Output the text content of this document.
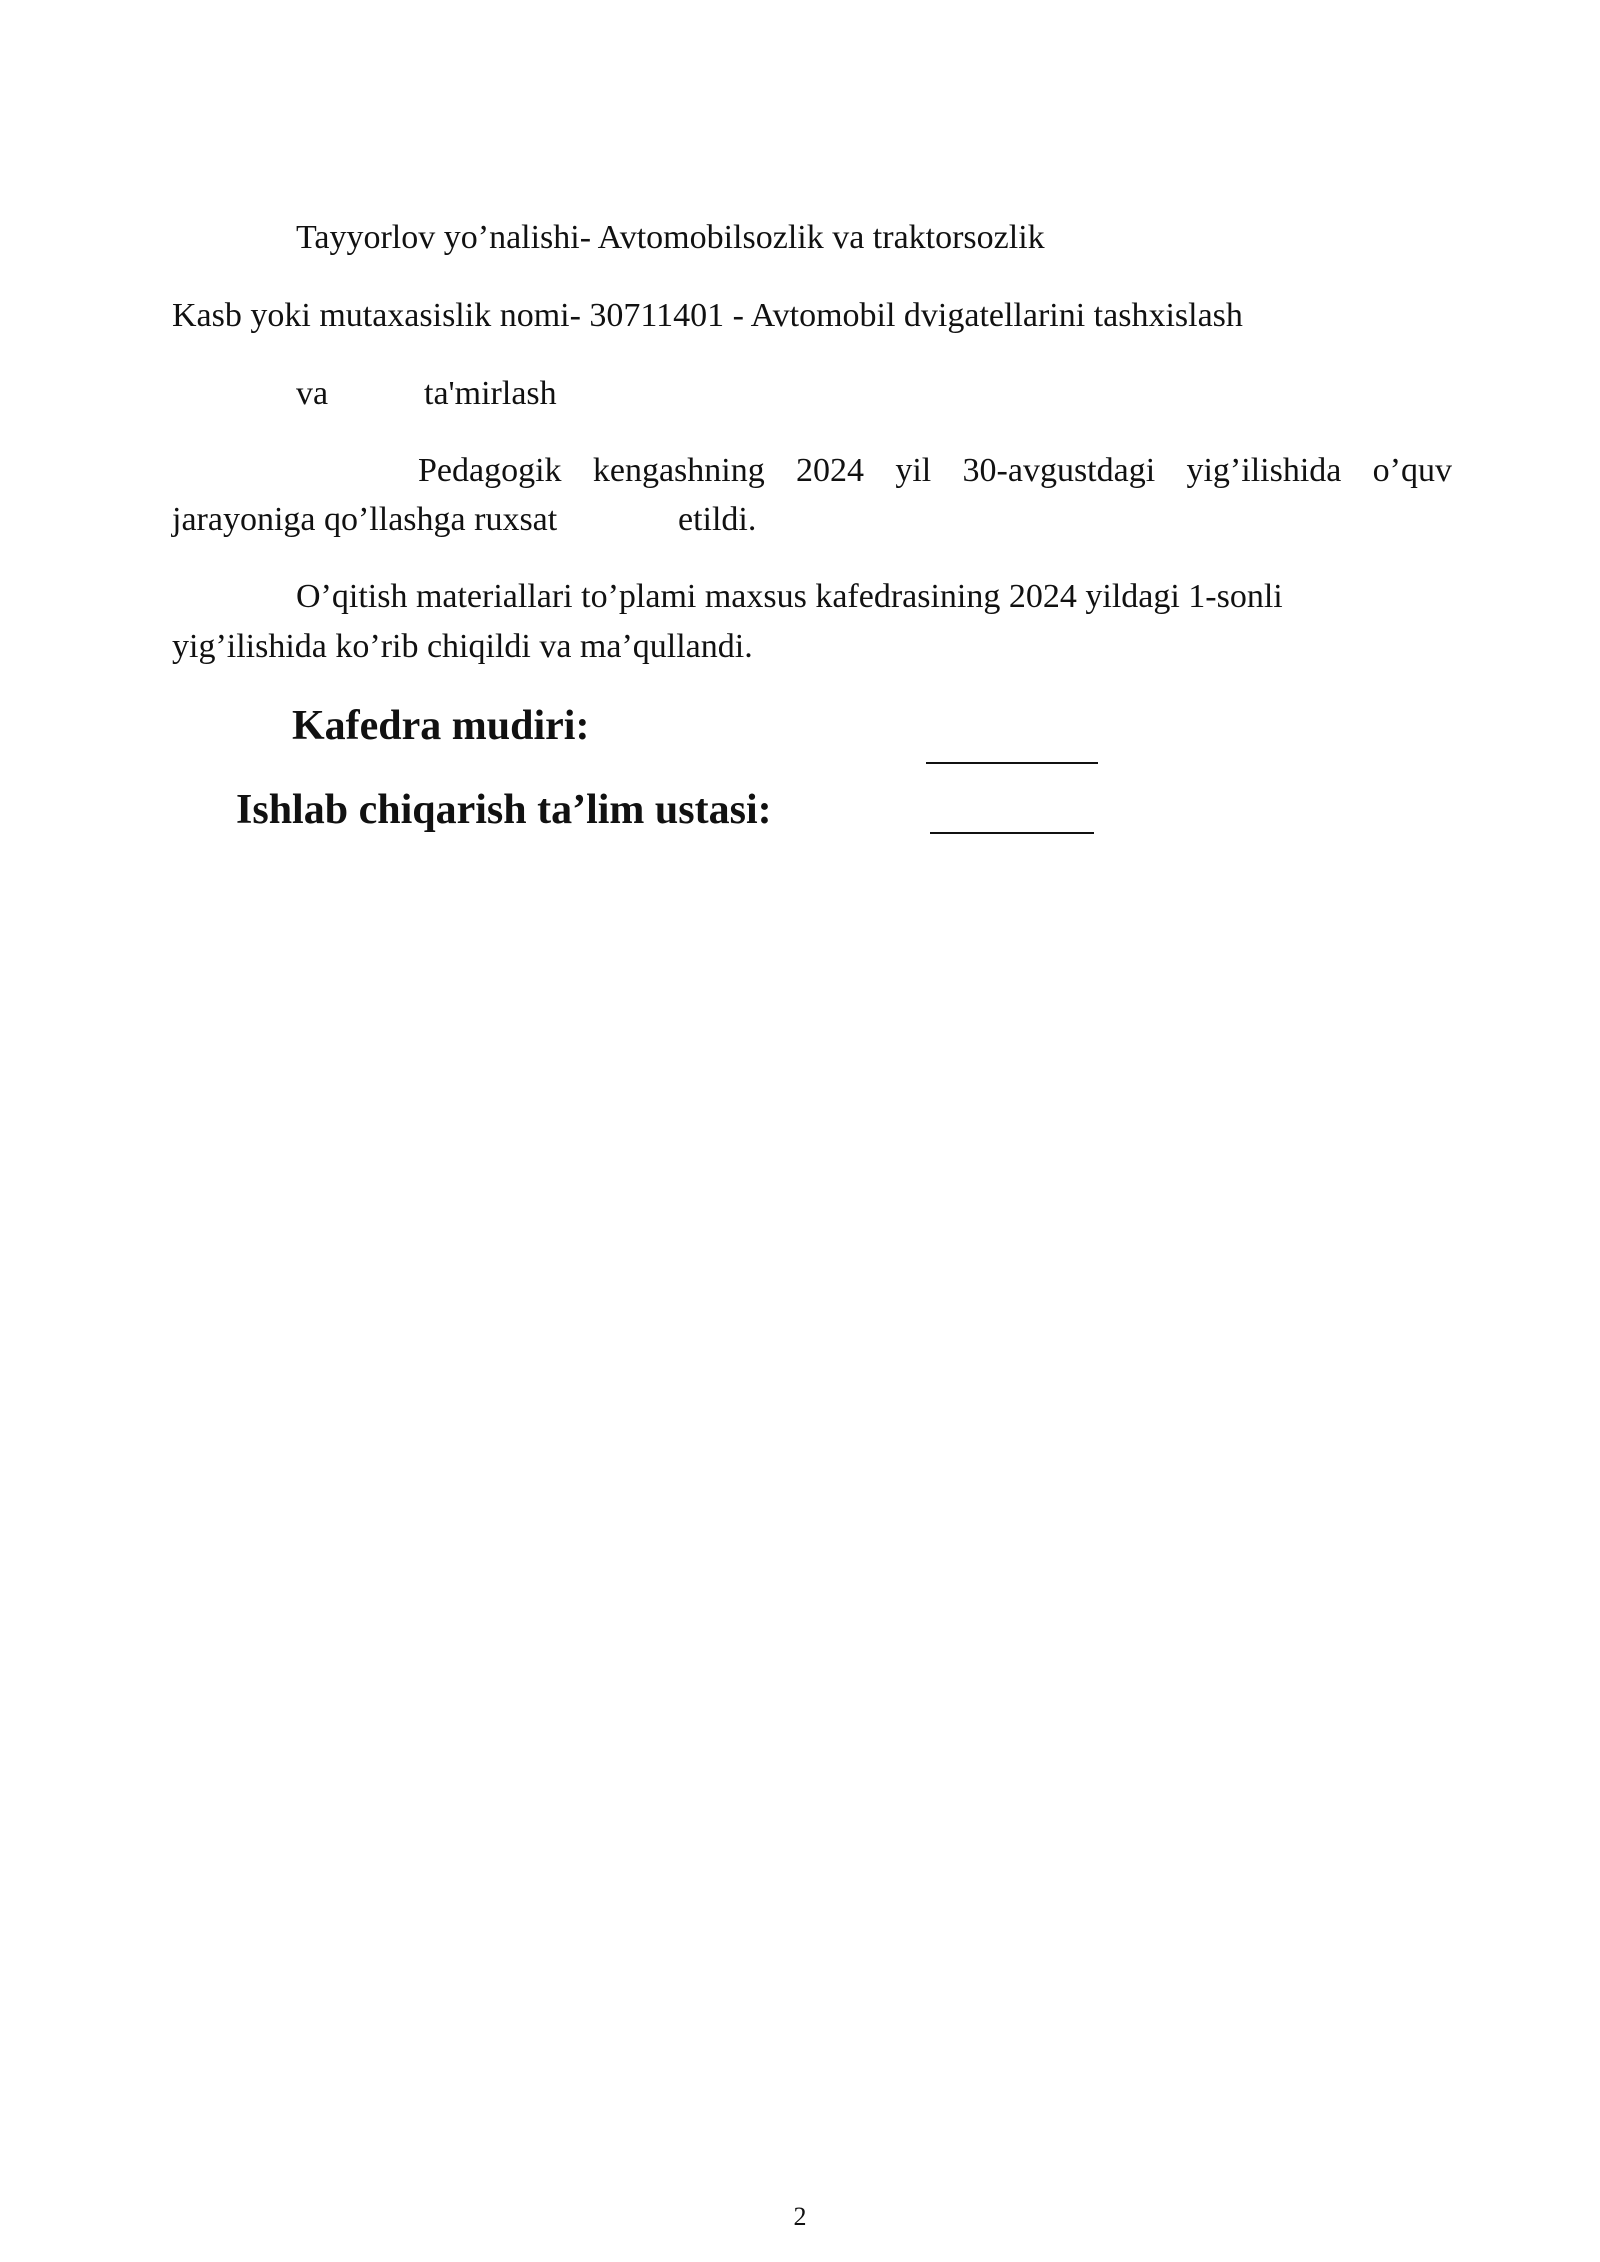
Tayyorlov yo’nalishi- Avtomobilsozlik va traktorsozlik
Kasb yoki mutaxasislik nomi- 30711401 - Avtomobil dvigatellarini tashxislash
va	ta'mirlash
Pedagogik kengashning 2024 yil 30-avgustdagi yig’ilishida o’quv
jarayoniga qo’llashga ruxsat	etildi.
O’qitish materiallari to’plami maxsus kafedrasining 2024 yildagi 1-sonli
yig’ilishida ko’rib chiqildi va ma’qullandi.
Kafedra mudiri:
Ishlab chiqarish ta’lim ustasi:
2
